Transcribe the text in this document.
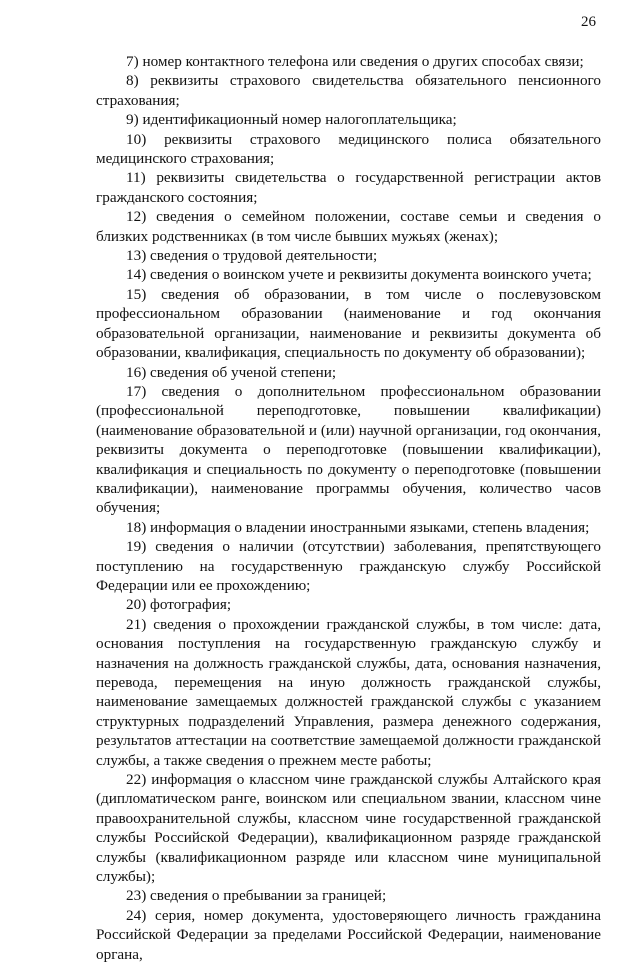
26

7) номер контактного телефона или сведения о других способах связи;

8) реквизиты страхового свидетельства обязательного пенсионного страхования;

9) идентификационный номер налогоплательщика;

10) реквизиты страхового медицинского полиса обязательного медицинского страхования;

11) реквизиты свидетельства о государственной регистрации актов гражданского состояния;

12) сведения о семейном положении, составе семьи и сведения о близких родственниках (в том числе бывших мужьях (женах);

13) сведения о трудовой деятельности;

14) сведения о воинском учете и реквизиты документа воинского учета;

15) сведения об образовании, в том числе о послевузовском профессиональном образовании (наименование и год окончания образовательной организации, наименование и реквизиты документа об образовании, квалификация, специальность по документу об образовании);

16) сведения об ученой степени;

17) сведения о дополнительном профессиональном образовании (профессиональной переподготовке, повышении квалификации) (наименование образовательной и (или) научной организации, год окончания, реквизиты документа о переподготовке (повышении квалификации), квалификация и специальность по документу о переподготовке (повышении квалификации), наименование программы обучения, количество часов обучения;

18) информация о владении иностранными языками, степень владения;

19) сведения о наличии (отсутствии) заболевания, препятствующего поступлению на государственную гражданскую службу Российской Федерации или ее прохождению;

20) фотография;

21) сведения о прохождении гражданской службы, в том числе: дата, основания поступления на государственную гражданскую службу и назначения на должность гражданской службы, дата, основания назначения, перевода, перемещения на иную должность гражданской службы, наименование замещаемых должностей гражданской службы с указанием структурных подразделений Управления, размера денежного содержания, результатов аттестации на соответствие замещаемой должности гражданской службы, а также сведения о прежнем месте работы;

22) информация о классном чине гражданской службы Алтайского края (дипломатическом ранге, воинском или специальном звании, классном чине правоохранительной службы, классном чине государственной гражданской службы Российской Федерации), квалификационном разряде гражданской службы (квалификационном разряде или классном чине муниципальной службы);

23) сведения о пребывании за границей;

24) серия, номер документа, удостоверяющего личность гражданина Российской Федерации за пределами Российской Федерации, наименование органа,
